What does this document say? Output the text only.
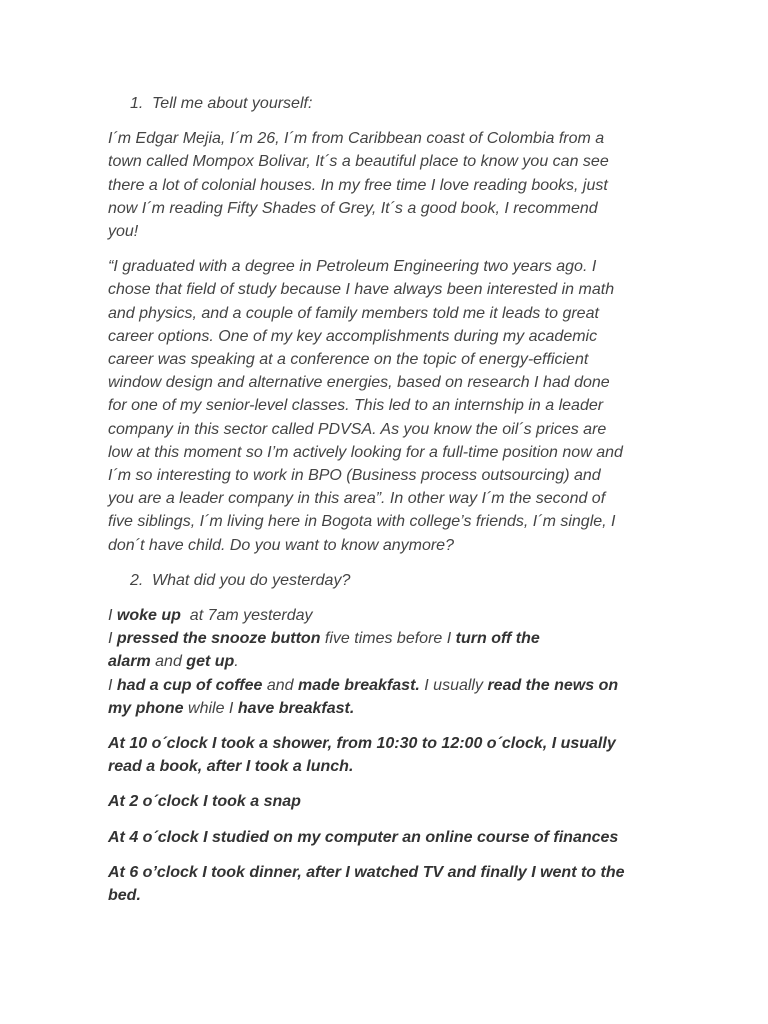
1. Tell me about yourself:
I´m Edgar Mejia, I´m 26, I´m from Caribbean coast of Colombia from a
town called Mompox Bolivar, It´s a beautiful place to know you can see
there a lot of colonial houses. In my free time I love reading books, just
now I´m reading Fifty Shades of Grey, It´s a good book, I recommend
you!
“I graduated with a degree in Petroleum Engineering two years ago. I
chose that field of study because I have always been interested in math
and physics, and a couple of family members told me it leads to great
career options. One of my key accomplishments during my academic
career was speaking at a conference on the topic of energy-efficient
window design and alternative energies, based on research I had done
for one of my senior-level classes. This led to an internship in a leader
company in this sector called PDVSA. As you know the oil´s prices are
low at this moment so I’m actively looking for a full-time position now and
I´m so interesting to work in BPO (Business process outsourcing) and
you are a leader company in this area”. In other way I´m the second of
five siblings, I´m living here in Bogota with college’s friends, I´m single, I
don´t have child. Do you want to know anymore?
2. What did you do yesterday?
I woke up  at 7am yesterday
I pressed the snooze button five times before I turn off the
alarm and get up.
I had a cup of coffee and made breakfast. I usually read the news on
my phone while I have breakfast.
At 10 o´clock I took a shower, from 10:30 to 12:00 o´clock, I usually
read a book, after I took a lunch.

At 2 o´clock I took a snap

At 4 o´clock I studied on my computer an online course of finances

At 6 o’clock I took dinner, after I watched TV and finally I went to the
bed.
